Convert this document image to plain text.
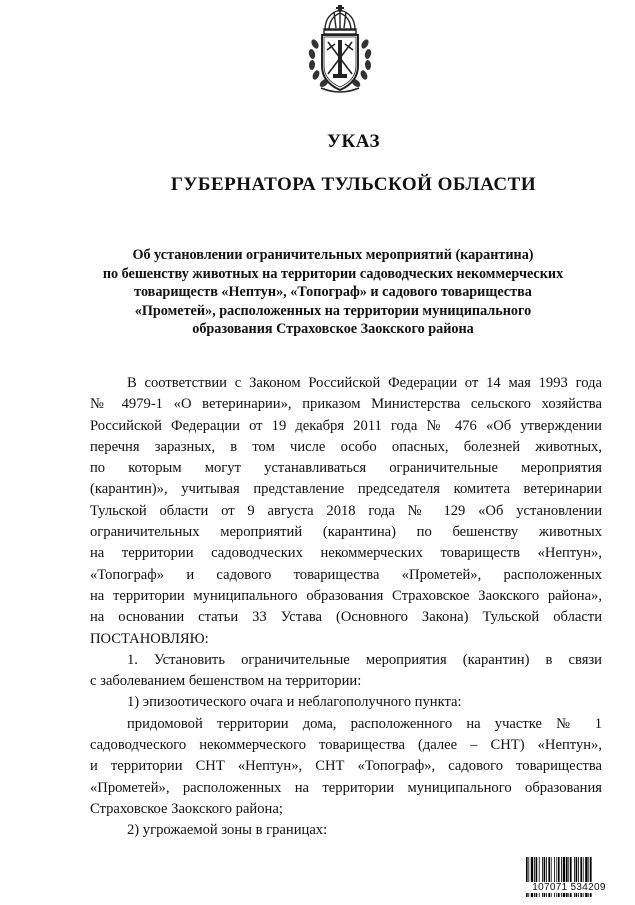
УКАЗ
ГУБЕРНАТОРА ТУЛЬСКОЙ ОБЛАСТИ
Об установлении ограничительных мероприятий (карантина)
по бешенству животных на территории садоводческих некоммерческих
товариществ «Нептун», «Топограф» и садового товарищества
«Прометей», расположенных на территории муниципального
образования Страховское Заокского района
В соответствии с Законом Российской Федерации от 14 мая 1993 года
№ 4979-1 «О ветеринарии», приказом Министерства сельского хозяйства
Российской Федерации от 19 декабря 2011 года № 476 «Об утверждении
перечня заразных, в том числе особо опасных, болезней животных,
по которым могут устанавливаться ограничительные мероприятия
(карантин)», учитывая представление председателя комитета ветеринарии
Тульской области от 9 августа 2018 года № 129 «Об установлении
ограничительных мероприятий (карантина) по бешенству животных
на территории садоводческих некоммерческих товариществ «Нептун»,
«Топограф» и садового товарищества «Прометей», расположенных
на территории муниципального образования Страховское Заокского района»,
на основании статьи 33 Устава (Основного Закона) Тульской области
ПОСТАНОВЛЯЮ:
1. Установить ограничительные мероприятия (карантин) в связи
с заболеванием бешенством на территории:
1) эпизоотического очага и неблагополучного пункта:
придомовой территории дома, расположенного на участке № 1
садоводческого некоммерческого товарищества (далее – СНТ) «Нептун»,
и территории СНТ «Нептун», СНТ «Топограф», садового товарищества
«Прометей», расположенных на территории муниципального образования
Страховское Заокского района;
2) угрожаемой зоны в границах:
107071 534209
